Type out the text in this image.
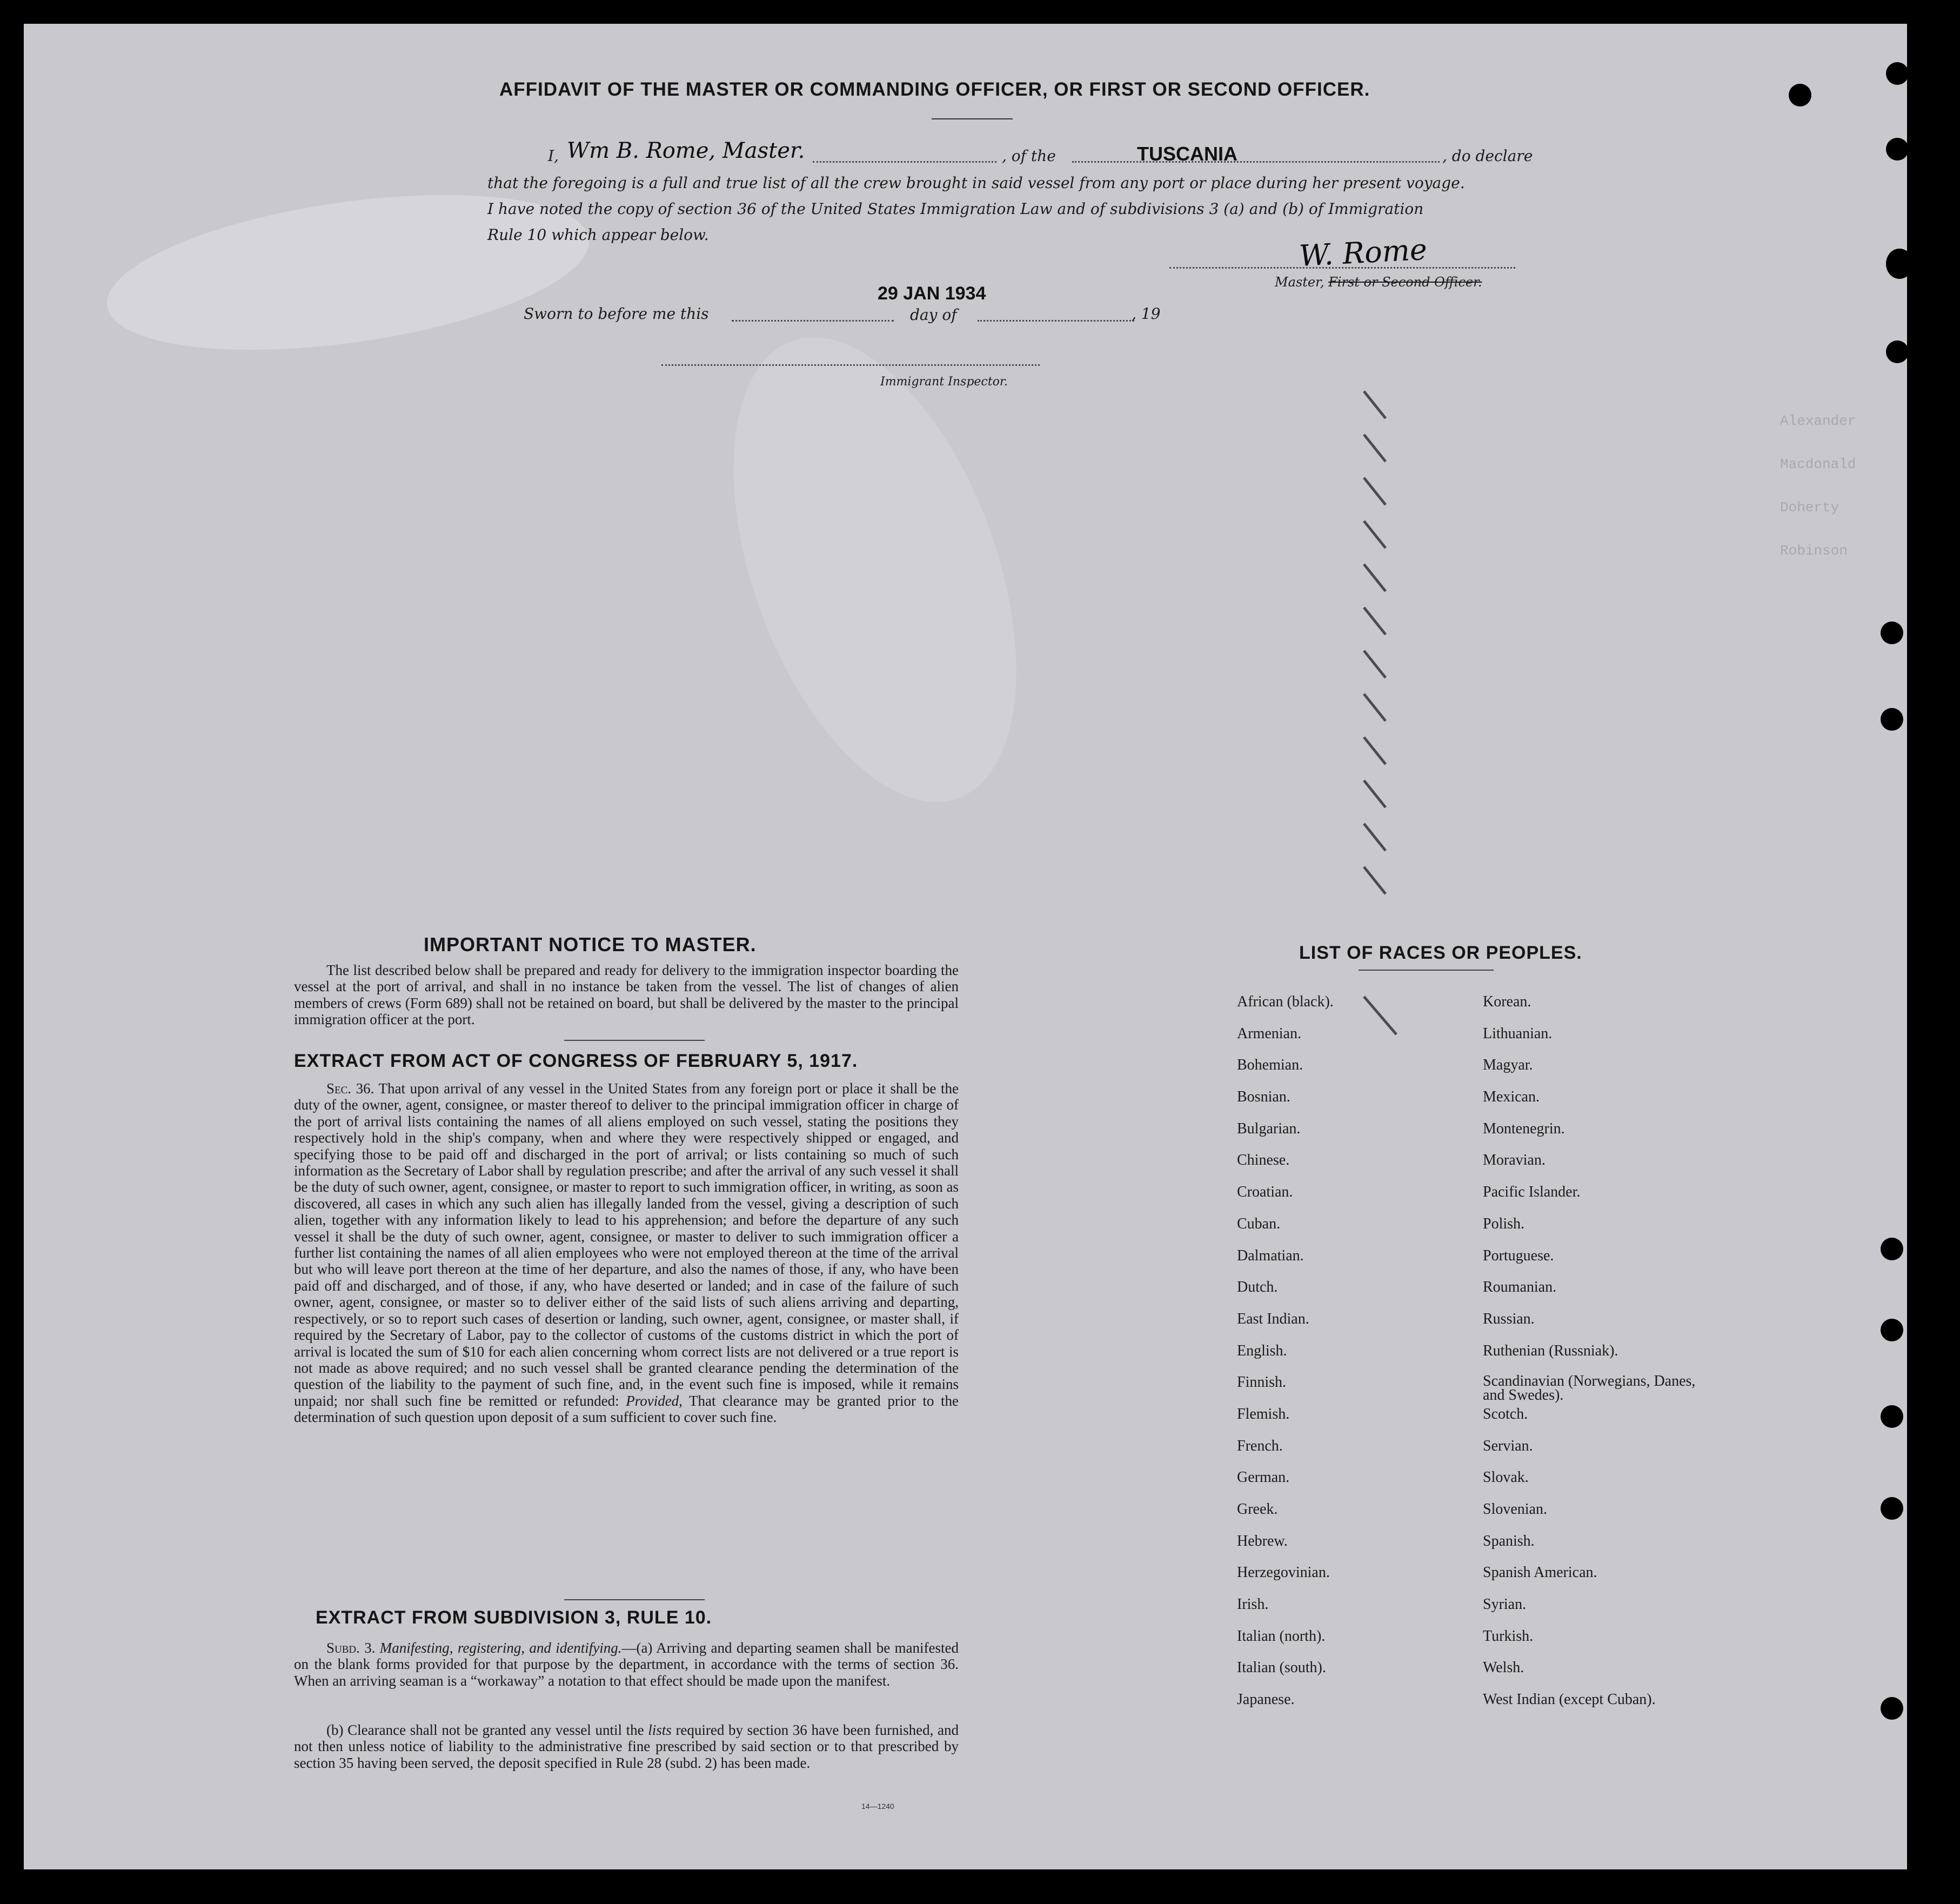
Alexander
Macdonald
Doherty
Robinson
AFFIDAVIT OF THE MASTER OR COMMANDING OFFICER, OR FIRST OR SECOND OFFICER.
I, Wm B. Rome, Master.	, of the	TUSCANIA	, do declare
that the foregoing is a full and true list of all the crew brought in said vessel from any port or place during her present voyage.
I have noted the copy of section 36 of the United States Immigration Law and of subdivisions 3 (a) and (b) of Immigration
Rule 10 which appear below.	W. Rome
Master, First or Second Officer.
Sworn to before me this
29 JAN 1934
day of	, 19
Immigrant Inspector.
IMPORTANT NOTICE TO MASTER.
The list described below shall be prepared and ready for delivery to the immigration inspector boarding the vessel at the port of arrival, and shall in no instance be taken from the vessel. The list of changes of alien members of crews (Form 689) shall not be retained on board, but shall be delivered by the master to the principal immigration officer at the port.
EXTRACT FROM ACT OF CONGRESS OF FEBRUARY 5, 1917.
Sec. 36. That upon arrival of any vessel in the United States from any foreign port or place it shall be the duty of the owner, agent, consignee, or master thereof to deliver to the principal immigration officer in charge of the port of arrival lists containing the names of all aliens employed on such vessel, stating the positions they respectively hold in the ship's company, when and where they were respectively shipped or engaged, and specifying those to be paid off and discharged in the port of arrival; or lists containing so much of such information as the Secretary of Labor shall by regulation prescribe; and after the arrival of any such vessel it shall be the duty of such owner, agent, consignee, or master to report to such immigration officer, in writing, as soon as discovered, all cases in which any such alien has illegally landed from the vessel, giving a description of such alien, together with any information likely to lead to his apprehension; and before the departure of any such vessel it shall be the duty of such owner, agent, consignee, or master to deliver to such immigration officer a further list containing the names of all alien employees who were not employed thereon at the time of the arrival but who will leave port thereon at the time of her departure, and also the names of those, if any, who have been paid off and discharged, and of those, if any, who have deserted or landed; and in case of the failure of such owner, agent, consignee, or master so to deliver either of the said lists of such aliens arriving and departing, respectively, or so to report such cases of desertion or landing, such owner, agent, consignee, or master shall, if required by the Secretary of Labor, pay to the collector of customs of the customs district in which the port of arrival is located the sum of $10 for each alien concerning whom correct lists are not delivered or a true report is not made as above required; and no such vessel shall be granted clearance pending the determination of the question of the liability to the payment of such fine, and, in the event such fine is imposed, while it remains unpaid; nor shall such fine be remitted or refunded: Provided, That clearance may be granted prior to the determination of such question upon deposit of a sum sufficient to cover such fine.
EXTRACT FROM SUBDIVISION 3, RULE 10.
Subd. 3. Manifesting, registering, and identifying.—(a) Arriving and departing seamen shall be manifested on the blank forms provided for that purpose by the department, in accordance with the terms of section 36. When an arriving seaman is a “workaway” a notation to that effect should be made upon the manifest.
(b) Clearance shall not be granted any vessel until the lists required by section 36 have been furnished, and not then unless notice of liability to the administrative fine prescribed by said section or to that prescribed by section 35 having been served, the deposit specified in Rule 28 (subd. 2) has been made.
14—1240
LIST OF RACES OR PEOPLES.
African (black).
Armenian.
Bohemian.
Bosnian.
Bulgarian.
Chinese.
Croatian.
Cuban.
Dalmatian.
Dutch.
East Indian.
English.
Finnish.
Flemish.
French.
German.
Greek.
Hebrew.
Herzegovinian.
Irish.
Italian (north).
Italian (south).
Japanese.
Korean.
Lithuanian.
Magyar.
Mexican.
Montenegrin.
Moravian.
Pacific Islander.
Polish.
Portuguese.
Roumanian.
Russian.
Ruthenian (Russniak).
Scandinavian (Norwegians, Danes, and Swedes).
Scotch.
Servian.
Slovak.
Slovenian.
Spanish.
Spanish American.
Syrian.
Turkish.
Welsh.
West Indian (except Cuban).
